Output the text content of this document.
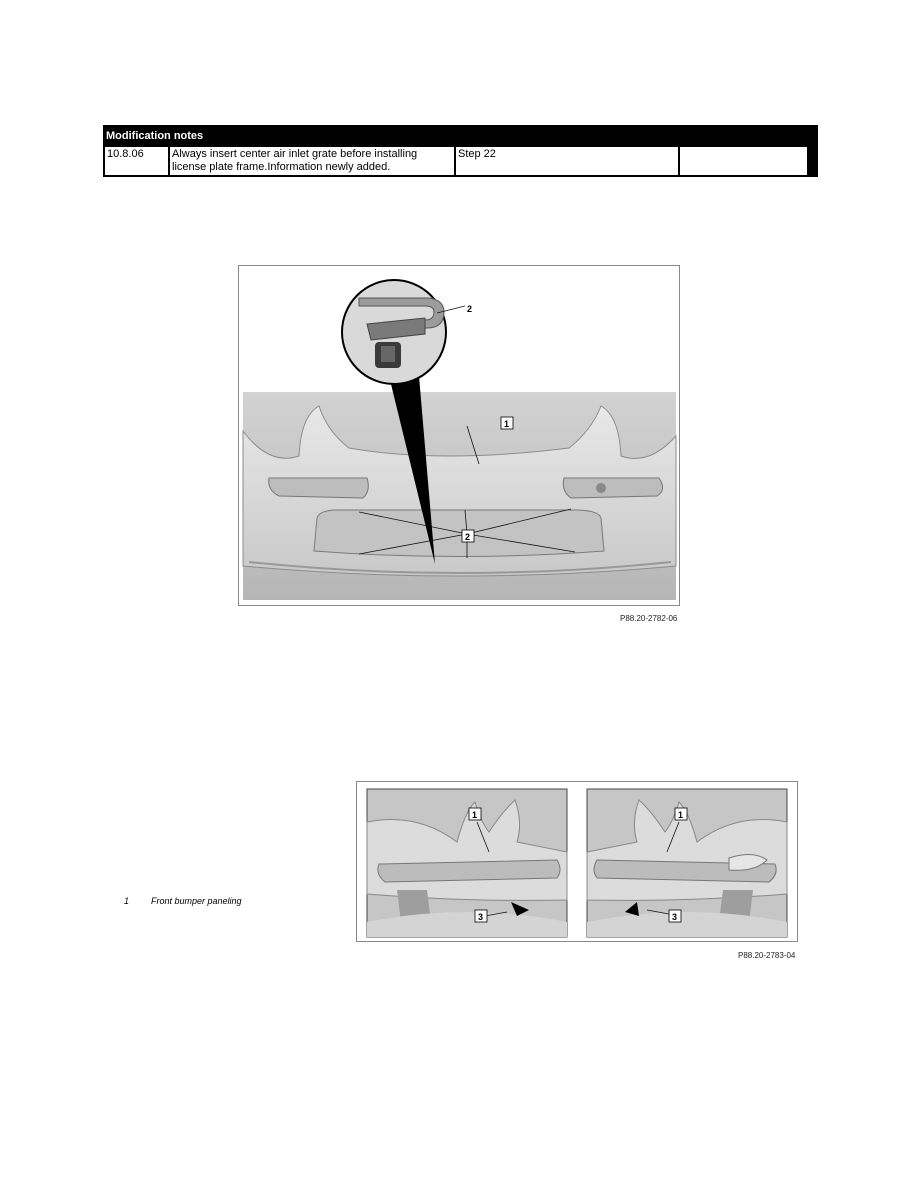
Modification notes
10.8.06	Always insert center air inlet grate before installing
license plate frame.Information newly added.
Step 22
2
1
2
P88.20-2782-06
1 Front bumper paneling
1
3
1
3
P88.20-2783-04
